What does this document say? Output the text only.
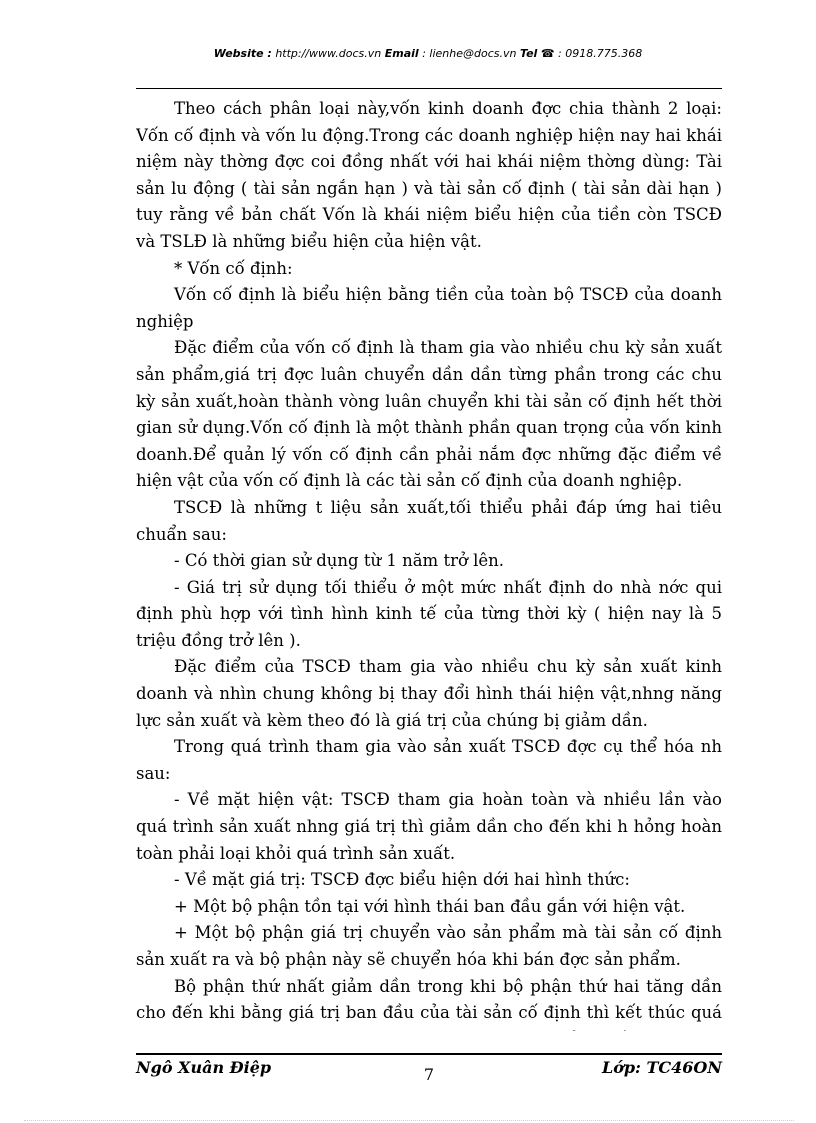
Website : http://www.docs.vn Email : lienhe@docs.vn Tel ☎ : 0918.775.368

Theo cách phân loại này,vốn kinh doanh đợc chia thành 2 loại: Vốn cố định và vốn lu động.Trong các doanh nghiệp hiện nay hai khái niệm này thờng đợc coi đồng nhất với hai khái niệm thờng dùng: Tài sản lu động ( tài sản ngắn hạn ) và tài sản cố định ( tài sản dài hạn ) tuy rằng về bản chất Vốn là khái niệm biểu hiện của tiền còn TSCĐ và TSLĐ là những biểu hiện của hiện vật.

* Vốn cố định:

Vốn cố định là biểu hiện bằng tiền của toàn bộ TSCĐ của doanh nghiệp

Đặc điểm của vốn cố định là tham gia vào nhiều chu kỳ sản xuất sản phẩm,giá trị đợc luân chuyển dần dần từng phần trong các chu kỳ sản xuất,hoàn thành vòng luân chuyển khi tài sản cố định hết thời gian sử dụng.Vốn cố định là một thành phần quan trọng của vốn kinh doanh.Để quản lý vốn cố định cần phải nắm đợc những đặc điểm về hiện vật của vốn cố định là các tài sản cố định của doanh nghiệp.

TSCĐ là những t liệu sản xuất,tối thiểu phải đáp ứng hai tiêu chuẩn sau:

- Có thời gian sử dụng từ 1 năm trở lên.

- Giá trị sử dụng tối thiểu ở một mức nhất định do nhà nớc qui định phù hợp với tình hình kinh tế của từng thời kỳ ( hiện nay là 5 triệu đồng trở lên ).

Đặc điểm của TSCĐ tham gia vào nhiều chu kỳ sản xuất kinh doanh và nhìn chung không bị thay đổi hình thái hiện vật,nhng năng lực sản xuất và kèm theo đó là giá trị của chúng bị giảm dần.

Trong quá trình tham gia vào sản xuất TSCĐ đợc cụ thể hóa nh sau:

- Về mặt hiện vật: TSCĐ tham gia hoàn toàn và nhiều lần vào quá trình sản xuất nhng giá trị thì giảm dần cho đến khi h hỏng hoàn toàn phải loại khỏi quá trình sản xuất.

- Về mặt giá trị: TSCĐ đợc biểu hiện dới hai hình thức:

+ Một bộ phận tồn tại với hình thái ban đầu gắn với hiện vật.

+ Một bộ phận giá trị chuyển vào sản phẩm mà tài sản cố định sản xuất ra và bộ phận này sẽ chuyển hóa khi bán đợc sản phẩm.

Bộ phận thứ nhất giảm dần trong khi bộ phận thứ hai tăng dần cho đến khi bằng giá trị ban đầu của tài sản cố định thì kết thúc quá

Ngô Xuân Điệp	7	Lớp: TC46ON
